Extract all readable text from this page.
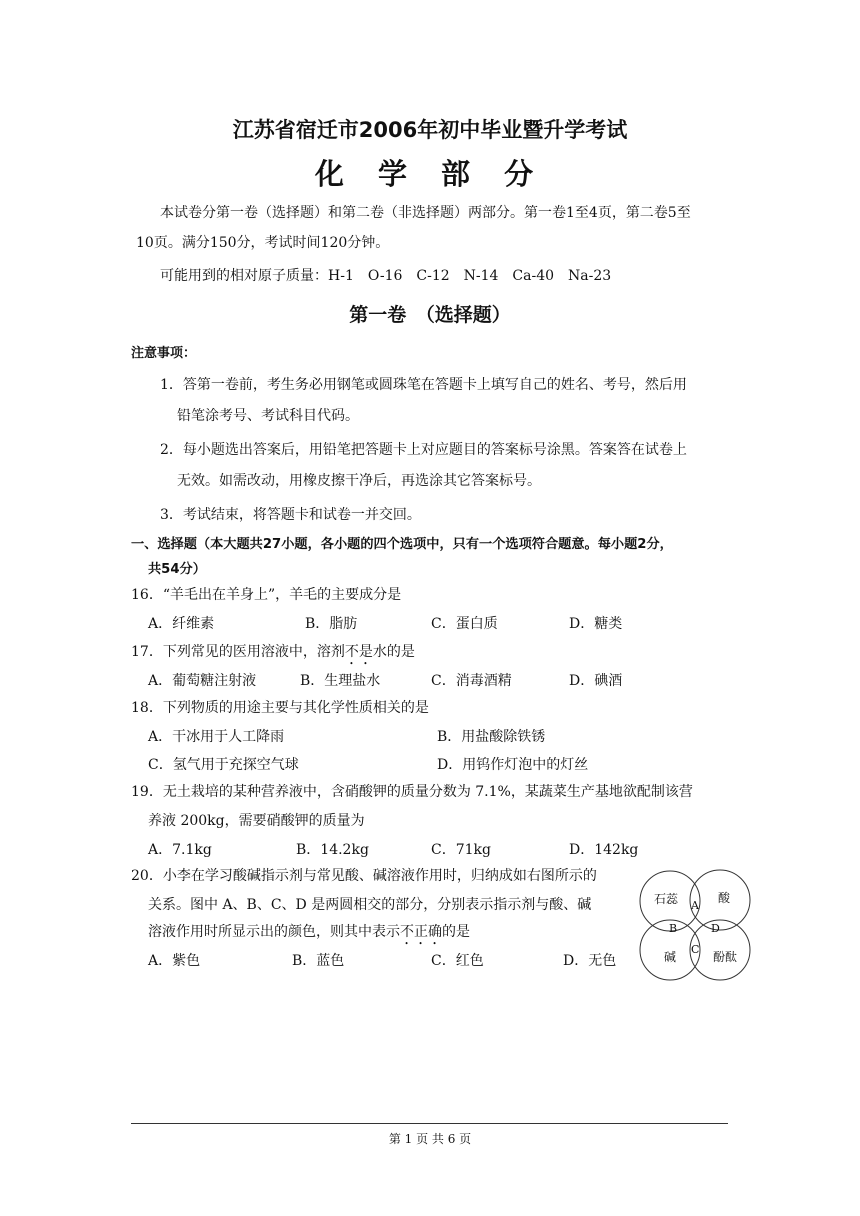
江苏省宿迁市2006年初中毕业暨升学考试
化 学 部 分
本试卷分第一卷（选择题）和第二卷（非选择题）两部分。第一卷1至4页，第二卷5至
10页。满分150分，考试时间120分钟。
可能用到的相对原子质量：H-1　O-16　C-12　N-14　Ca-40　Na-23
第一卷　（选择题）
注意事项：
1．答第一卷前，考生务必用钢笔或圆珠笔在答题卡上填写自己的姓名、考号，然后用
铅笔涂考号、考试科目代码。
2．每小题选出答案后，用铅笔把答题卡上对应题目的答案标号涂黑。答案答在试卷上
无效。如需改动，用橡皮擦干净后，再选涂其它答案标号。
3．考试结束，将答题卡和试卷一并交回。
一、选择题（本大题共27小题，各小题的四个选项中，只有一个选项符合题意。每小题2分，
共54分）
16．“羊毛出在羊身上”，羊毛的主要成分是
A．纤维素	B．脂肪	C．蛋白质	D．糖类
17．下列常见的医用溶液中，溶剂不是水的是
A．葡萄糖注射液	B．生理盐水	C．消毒酒精	D．碘酒
18．下列物质的用途主要与其化学性质相关的是
A．干冰用于人工降雨	B．用盐酸除铁锈
C．氢气用于充探空气球	D．用钨作灯泡中的灯丝
19．无土栽培的某种营养液中，含硝酸钾的质量分数为 7.1%，某蔬菜生产基地欲配制该营
养液 200kg，需要硝酸钾的质量为
A．7.1kg	B．14.2kg	C．71kg	D．142kg
20．小李在学习酸碱指示剂与常见酸、碱溶液作用时，归纳成如右图所示的
关系。图中 A、B、C、D 是两圆相交的部分，分别表示指示剂与酸、碱
溶液作用时所显示出的颜色，则其中表示不正确的是
A．紫色	B．蓝色	C．红色	D．无色
石蕊	酸
碱	酚酞
A
B
C
D
第 1 页 共 6 页
